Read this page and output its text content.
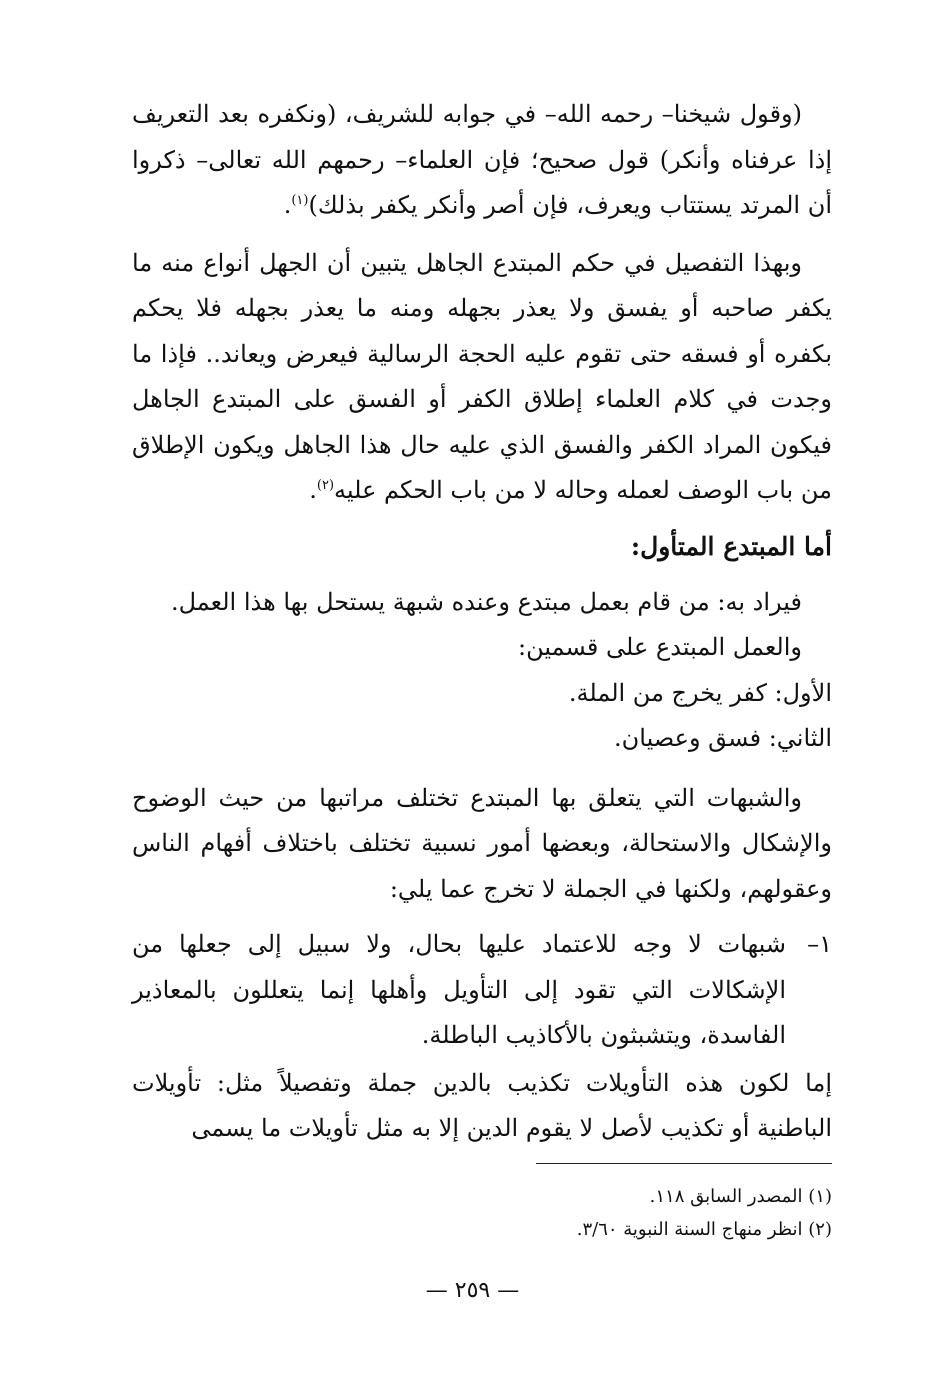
(وقول شيخنا– رحمه الله– في جوابه للشريف، (ونكفره بعد التعريف إذا عرفناه وأنكر) قول صحيح؛ فإن العلماء– رحمهم الله تعالى– ذكروا أن المرتد يستتاب ويعرف، فإن أصر وأنكر يكفر بذلك)$^{(١)}$.

وبهذا التفصيل في حكم المبتدع الجاهل يتبين أن الجهل أنواع منه ما يكفر صاحبه أو يفسق ولا يعذر بجهله ومنه ما يعذر بجهله فلا يحكم بكفره أو فسقه حتى تقوم عليه الحجة الرسالية فيعرض ويعاند.. فإذا ما وجدت في كلام العلماء إطلاق الكفر أو الفسق على المبتدع الجاهل فيكون المراد الكفر والفسق الذي عليه حال هذا الجاهل ويكون الإطلاق من باب الوصف لعمله وحاله لا من باب الحكم عليه$^{(٢)}$.

أما المبتدع المتأول:

فيراد به: من قام بعمل مبتدع وعنده شبهة يستحل بها هذا العمل.

والعمل المبتدع على قسمين:

الأول: كفر يخرج من الملة.

الثاني: فسق وعصيان.

والشبهات التي يتعلق بها المبتدع تختلف مراتبها من حيث الوضوح والإشكال والاستحالة، وبعضها أمور نسبية تختلف باختلاف أفهام الناس وعقولهم، ولكنها في الجملة لا تخرج عما يلي:

١–
شبهات لا وجه للاعتماد عليها بحال، ولا سبيل إلى جعلها من الإشكالات التي تقود إلى التأويل وأهلها إنما يتعللون بالمعاذير الفاسدة، ويتشبثون بالأكاذيب الباطلة.

إما لكون هذه التأويلات تكذيب بالدين جملة وتفصيلاً مثل: تأويلات الباطنية أو تكذيب لأصل لا يقوم الدين إلا به مثل تأويلات ما يسمى

(١) المصدر السابق ١١٨.

(٢) انظر منهاج السنة النبوية ٣/٦٠.

— ٢٥٩ —
